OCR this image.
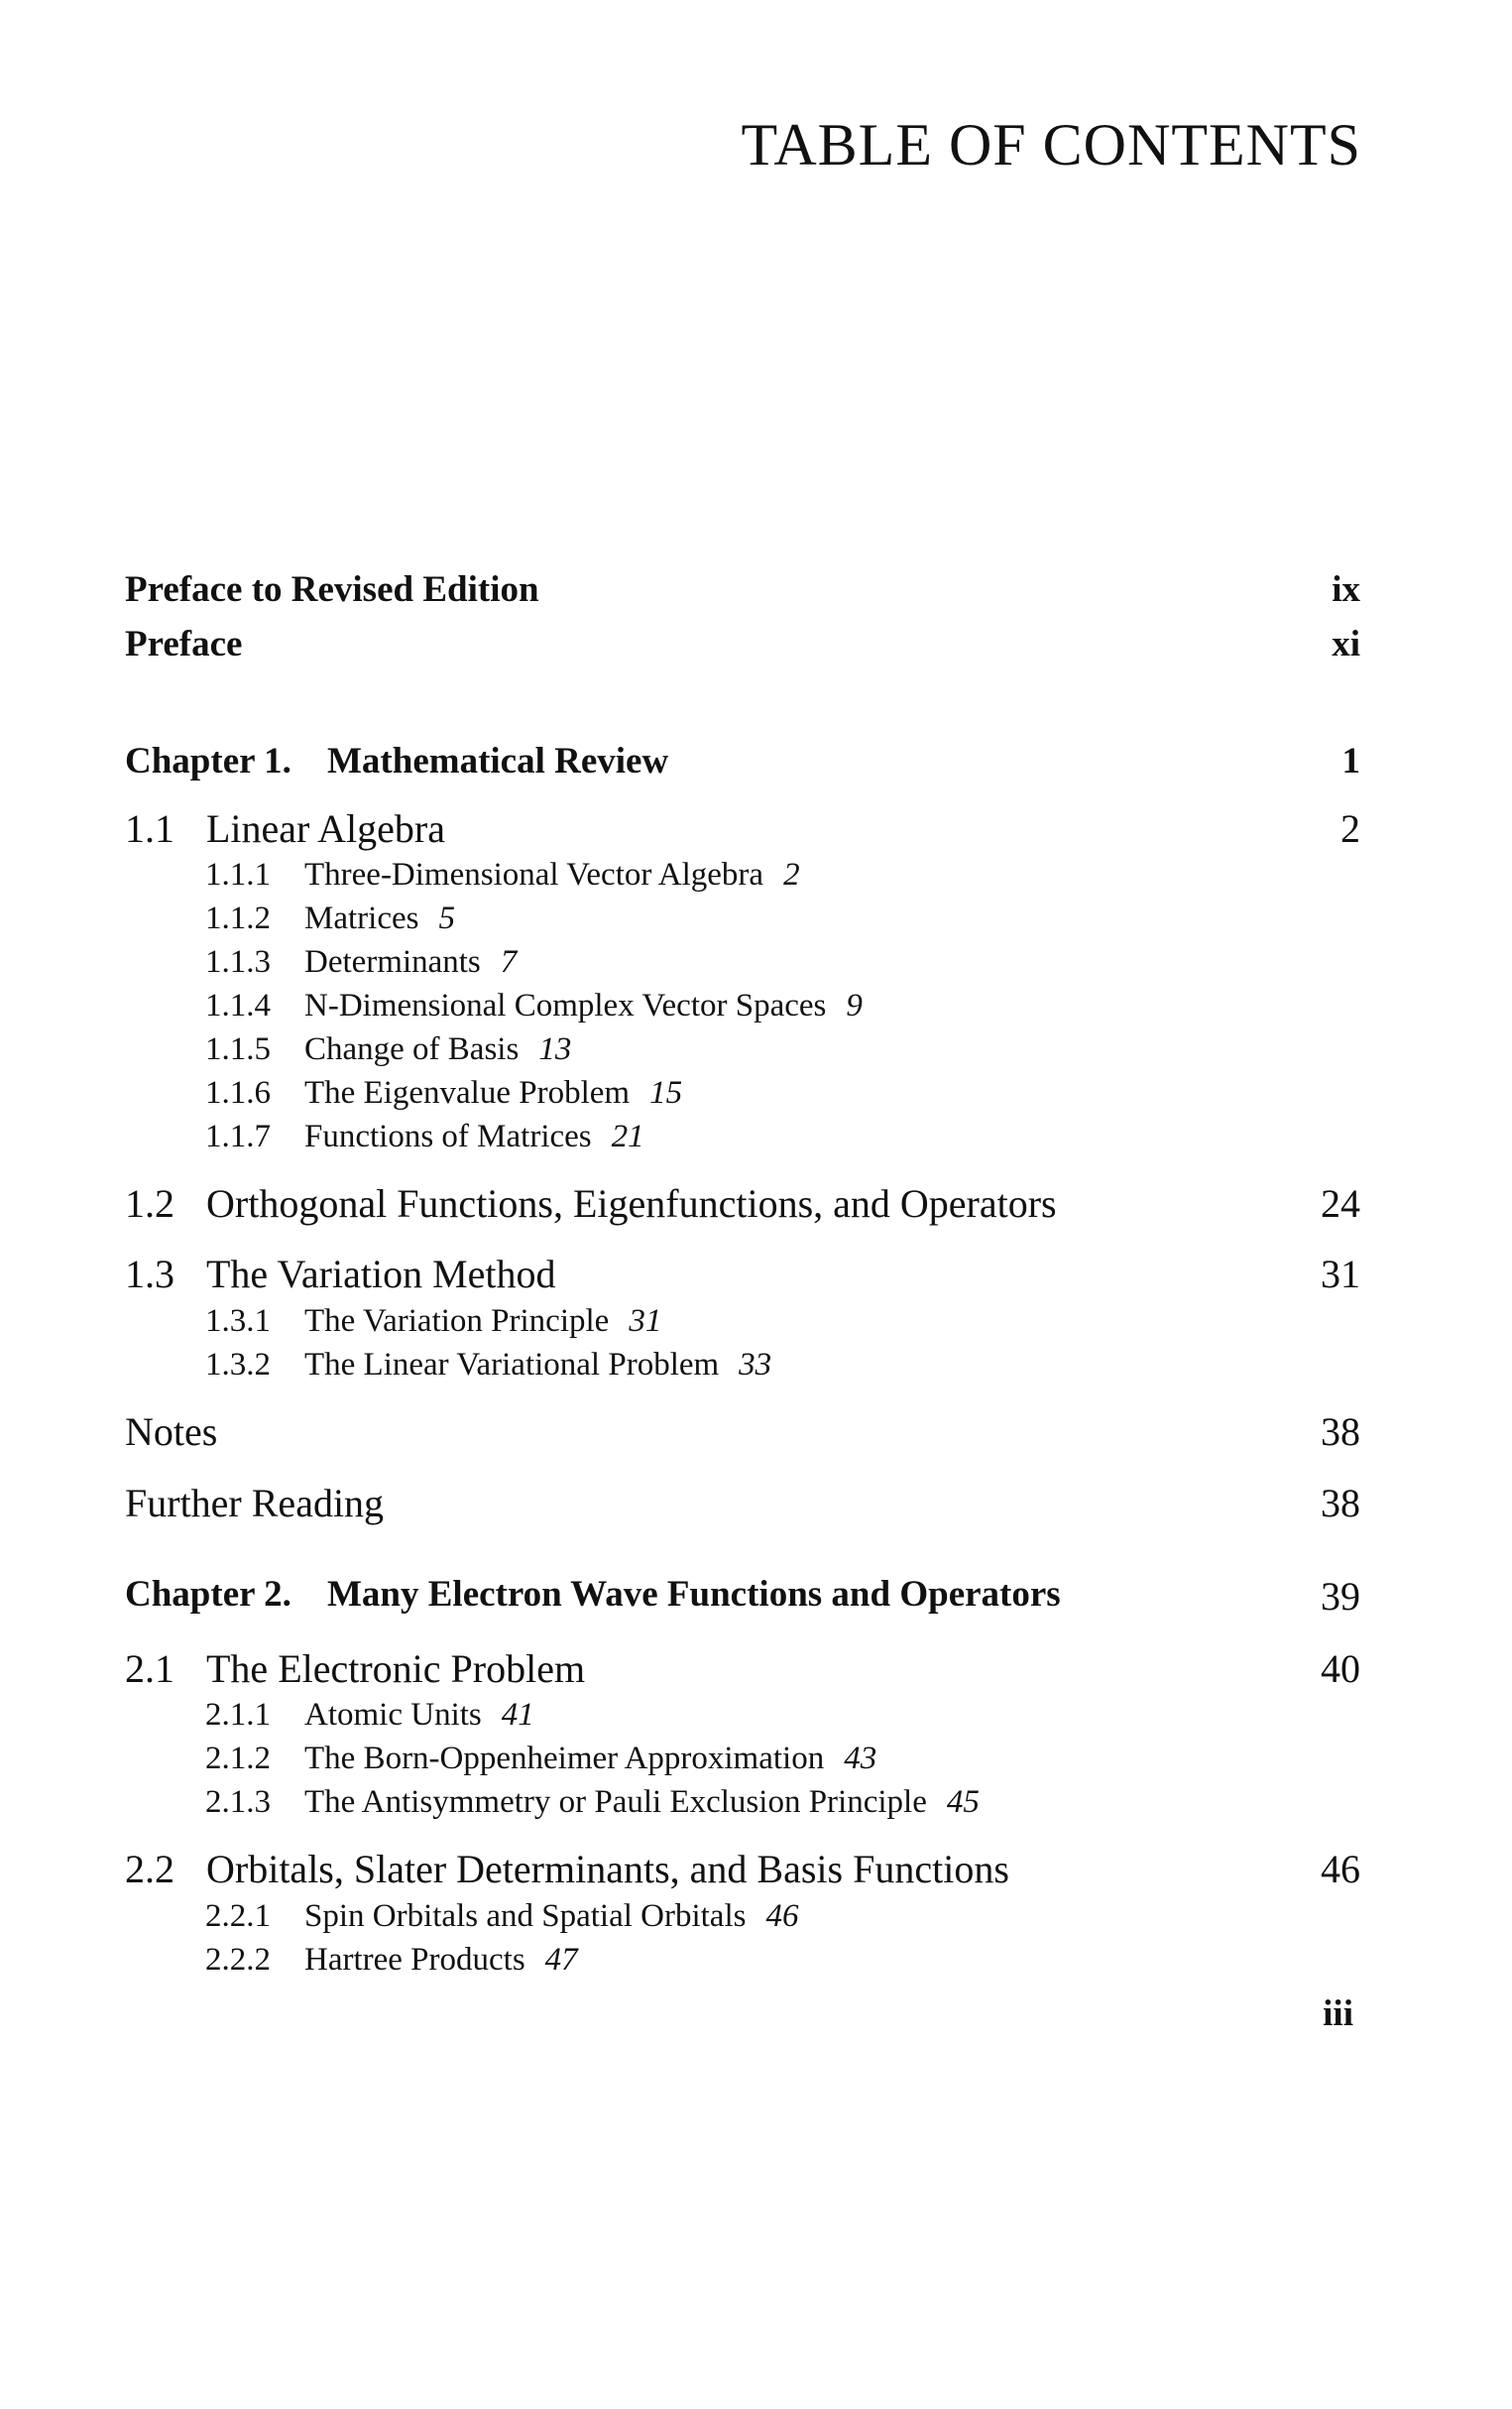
TABLE OF CONTENTS
Preface to Revised Edition	ix
Preface	xi
Chapter 1. Mathematical Review	1
1.1 Linear Algebra	2
1.1.1 Three-Dimensional Vector Algebra 2
1.1.2 Matrices 5
1.1.3 Determinants 7
1.1.4 N-Dimensional Complex Vector Spaces 9
1.1.5 Change of Basis 13
1.1.6 The Eigenvalue Problem 15
1.1.7 Functions of Matrices 21
1.2 Orthogonal Functions, Eigenfunctions, and Operators	24
1.3 The Variation Method	31
1.3.1 The Variation Principle 31
1.3.2 The Linear Variational Problem 33
Notes	38
Further Reading	38
Chapter 2. Many Electron Wave Functions and Operators	39
2.1 The Electronic Problem	40
2.1.1 Atomic Units 41
2.1.2 The Born-Oppenheimer Approximation 43
2.1.3 The Antisymmetry or Pauli Exclusion Principle 45
2.2 Orbitals, Slater Determinants, and Basis Functions	46
2.2.1 Spin Orbitals and Spatial Orbitals 46
2.2.2 Hartree Products 47
iii
